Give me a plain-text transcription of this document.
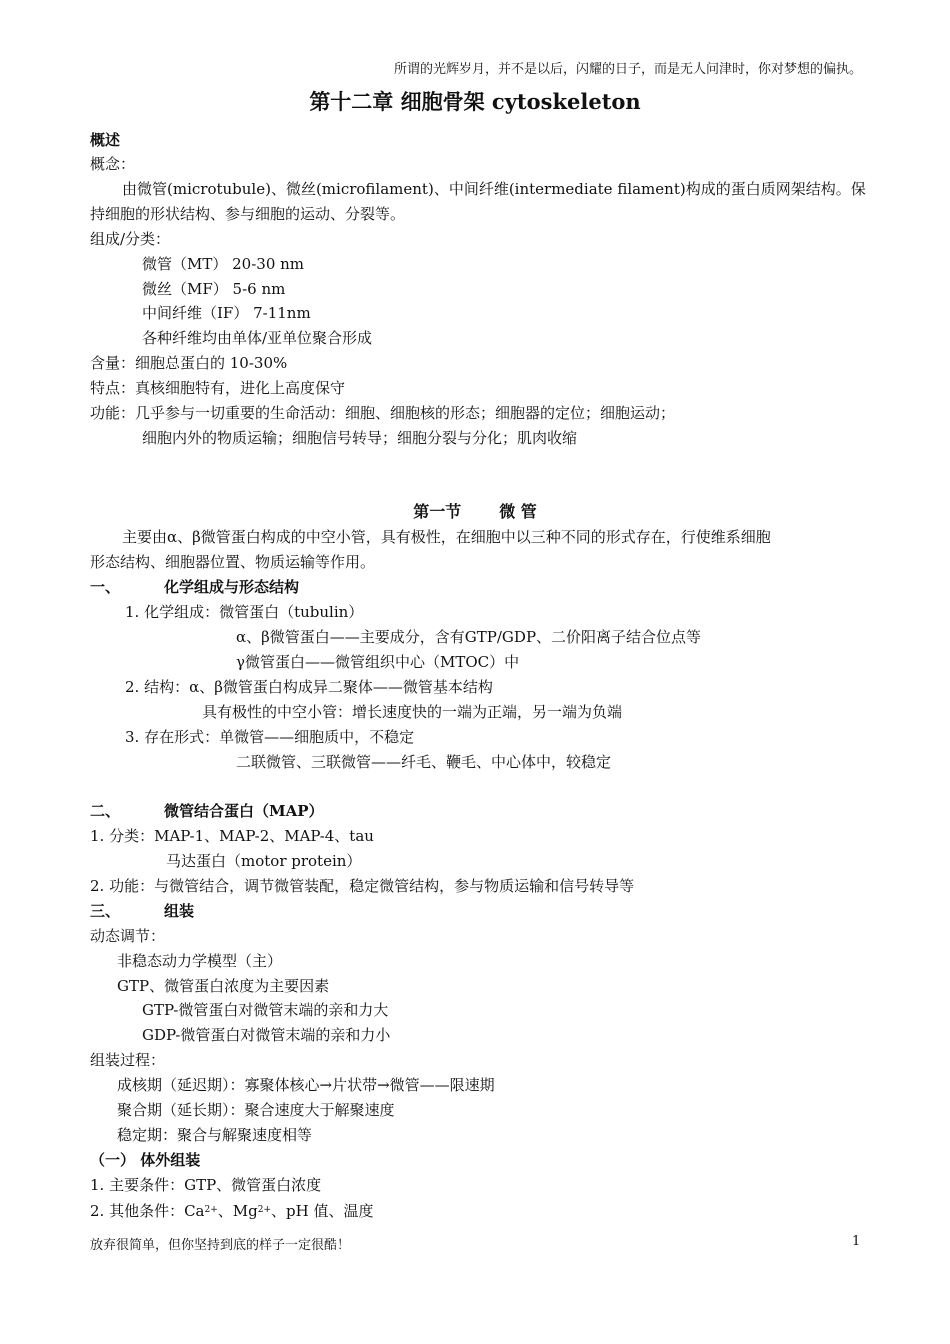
所谓的光辉岁月，并不是以后，闪耀的日子，而是无人问津时，你对梦想的偏执。
第十二章 细胞骨架 cytoskeleton
概述
概念：
由微管(microtubule)、微丝(microfilament)、中间纤维(intermediate filament)构成的蛋白质网架结构。保
持细胞的形状结构、参与细胞的运动、分裂等。
组成/分类：
微管（MT） 20-30 nm
微丝（MF） 5-6 nm
中间纤维（IF） 7-11nm
各种纤维均由单体/亚单位聚合形成
含量：细胞总蛋白的 10-30%
特点：真核细胞特有，进化上高度保守
功能：几乎参与一切重要的生命活动：细胞、细胞核的形态；细胞器的定位；细胞运动；
细胞内外的物质运输；细胞信号转导；细胞分裂与分化；肌肉收缩
第一节 微 管
主要由α、β微管蛋白构成的中空小管，具有极性，在细胞中以三种不同的形式存在，行使维系细胞
形态结构、细胞器位置、物质运输等作用。
一、	化学组成与形态结构
1. 化学组成：微管蛋白（tubulin）
α、β微管蛋白——主要成分，含有GTP/GDP、二价阳离子结合位点等
γ微管蛋白——微管组织中心（MTOC）中
2. 结构：α、β微管蛋白构成异二聚体——微管基本结构
具有极性的中空小管：增长速度快的一端为正端，另一端为负端
3. 存在形式：单微管——细胞质中，不稳定
二联微管、三联微管——纤毛、鞭毛、中心体中，较稳定
二、	微管结合蛋白（MAP）
1. 分类：MAP-1、MAP-2、MAP-4、tau
马达蛋白（motor protein）
2. 功能：与微管结合，调节微管装配，稳定微管结构，参与物质运输和信号转导等
三、	组装
动态调节：
非稳态动力学模型（主）
GTP、微管蛋白浓度为主要因素
GTP-微管蛋白对微管末端的亲和力大
GDP-微管蛋白对微管末端的亲和力小
组装过程：
成核期（延迟期）：寡聚体核心→片状带→微管——限速期
聚合期（延长期）：聚合速度大于解聚速度
稳定期：聚合与解聚速度相等
（一） 体外组装
1. 主要条件：GTP、微管蛋白浓度
2. 其他条件：$Ca^{2+}$、$Mg^{2+}$、pH 值、温度
放弃很简单，但你坚持到底的样子一定很酷！	1
